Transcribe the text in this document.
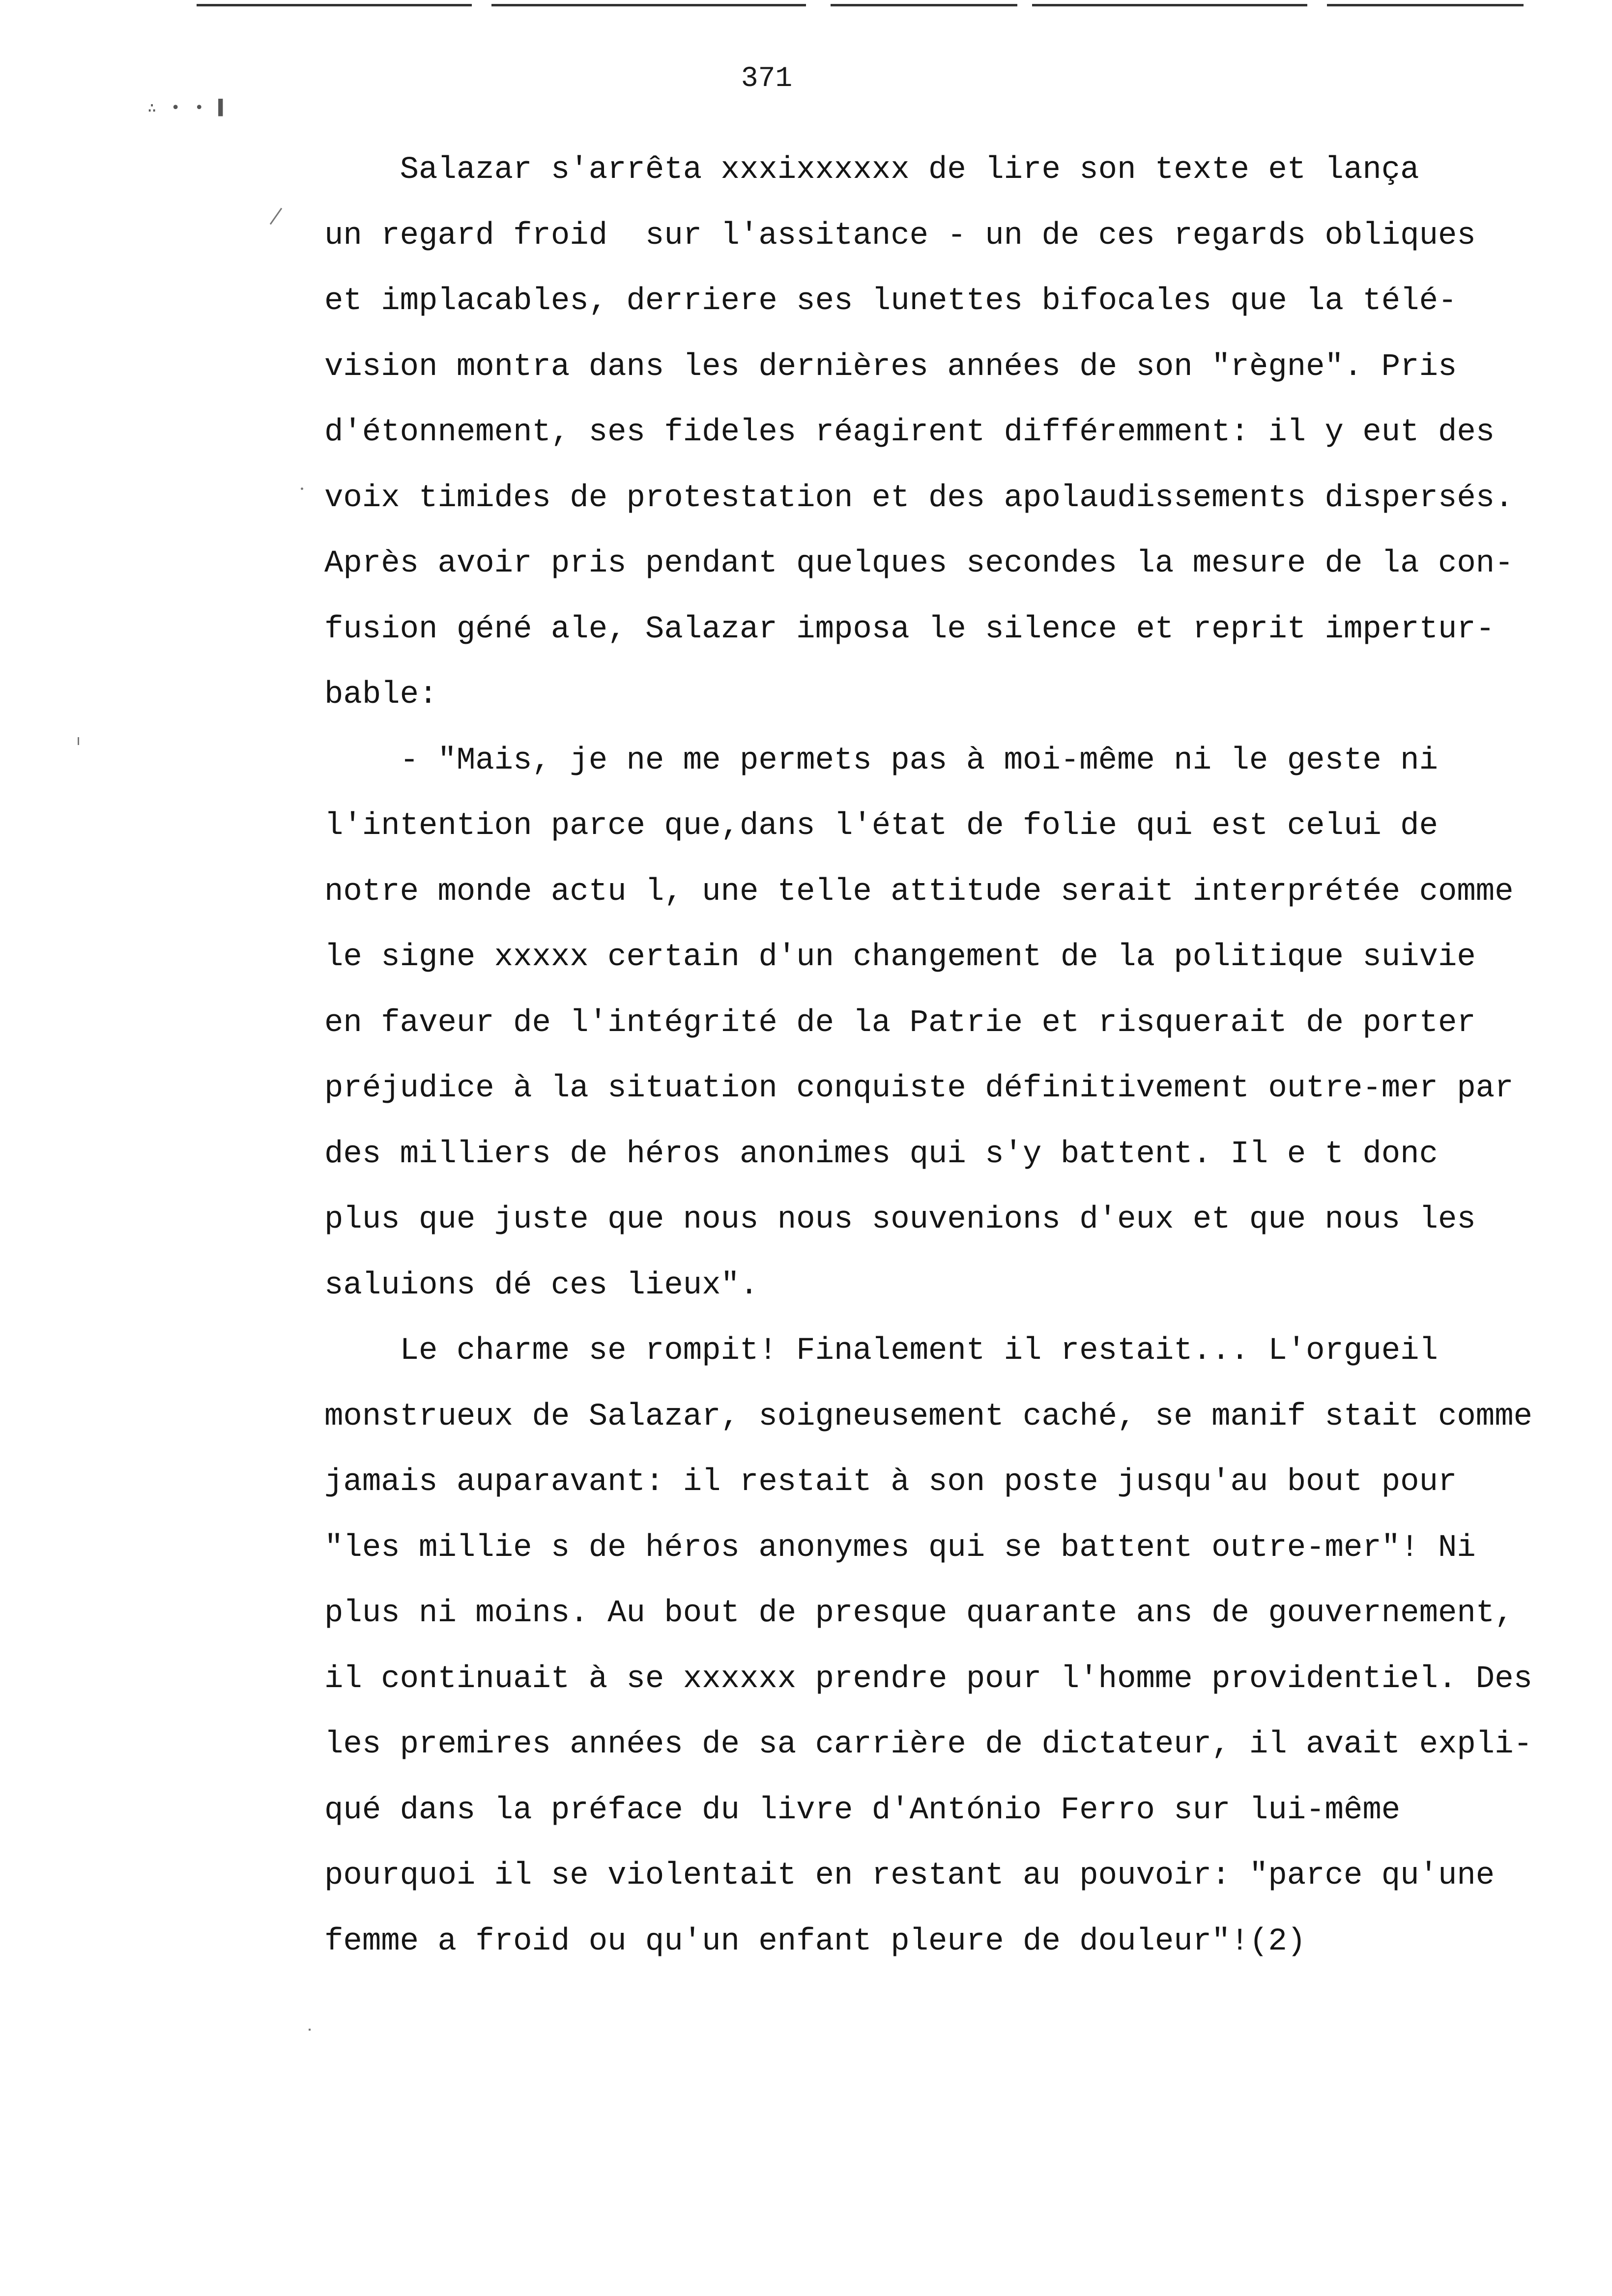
371
∴ • • ▌
Salazar s'arrêta xxxixxxxxx de lire son texte et lança
un regard froid  sur l'assitance - un de ces regards obliques
et implacables, derriere ses lunettes bifocales que la télé-
vision montra dans les dernières années de son "règne". Pris
d'étonnement, ses fideles réagirent différemment: il y eut des
voix timides de protestation et des apolaudissements dispersés.
Après avoir pris pendant quelques secondes la mesure de la con-
fusion géné ale, Salazar imposa le silence et reprit impertur-
bable:
- "Mais, je ne me permets pas à moi-même ni le geste ni
l'intention parce que,dans l'état de folie qui est celui de
notre monde actu l, une telle attitude serait interprétée comme
le signe xxxxx certain d'un changement de la politique suivie
en faveur de l'intégrité de la Patrie et risquerait de porter
préjudice à la situation conquiste définitivement outre-mer par
des milliers de héros anonimes qui s'y battent. Il e t donc
plus que juste que nous nous souvenions d'eux et que nous les
saluions dé ces lieux".
Le charme se rompit! Finalement il restait... L'orgueil
monstrueux de Salazar, soigneusement caché, se manif stait comme
jamais auparavant: il restait à son poste jusqu'au bout pour
"les millie s de héros anonymes qui se battent outre-mer"! Ni
plus ni moins. Au bout de presque quarante ans de gouvernement,
il continuait à se xxxxxx prendre pour l'homme providentiel. Des
les premires années de sa carrière de dictateur, il avait expli-
qué dans la préface du livre d'António Ferro sur lui-même
pourquoi il se violentait en restant au pouvoir: "parce qu'une
femme a froid ou qu'un enfant pleure de douleur"!(2)
